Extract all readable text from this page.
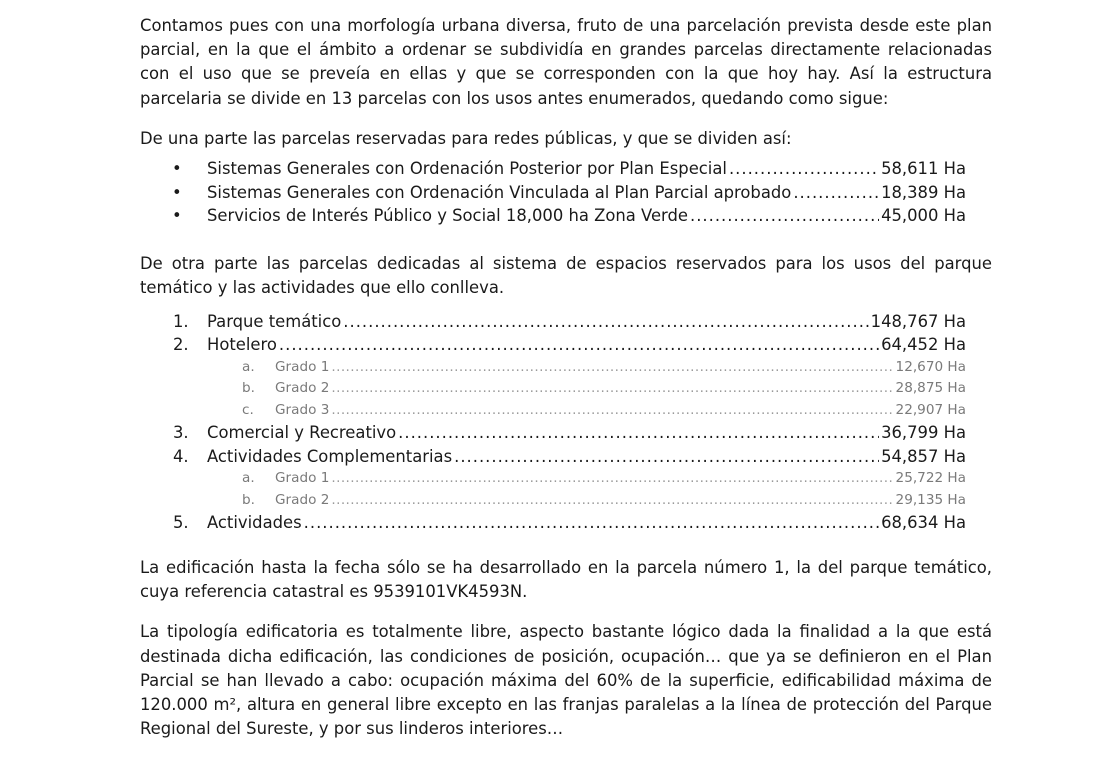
Contamos pues con una morfología urbana diversa, fruto de una parcelación prevista desde este plan parcial, en la que el ámbito a ordenar se subdividía en grandes parcelas directamente relacionadas con el uso que se preveía en ellas y que se corresponden con la que hoy hay. Así la estructura parcelaria se divide en 13 parcelas con los usos antes enumerados, quedando como sigue:

De una parte las parcelas reservadas para redes públicas, y que se dividen así:

•	Sistemas Generales con Ordenación Posterior por Plan Especial .....	58,611 Ha
•	Sistemas Generales con Ordenación Vinculada al Plan Parcial aprobado .....	18,389 Ha
•	Servicios de Interés Público y Social 18,000 ha Zona Verde .....	45,000 Ha

De otra parte las parcelas dedicadas al sistema de espacios reservados para los usos del parque temático y las actividades que ello conlleva.

1.	Parque temático .....	148,767 Ha
2.	Hotelero .....	64,452 Ha
a.	Grado 1 .....	12,670 Ha
b.	Grado 2 .....	28,875 Ha
c.	Grado 3 .....	22,907 Ha
3.	Comercial y Recreativo .....	36,799 Ha
4.	Actividades Complementarias .....	54,857 Ha
a.	Grado 1 .....	25,722 Ha
b.	Grado 2 .....	29,135 Ha
5.	Actividades .....	68,634 Ha

La edificación hasta la fecha sólo se ha desarrollado en la parcela número 1, la del parque temático, cuya referencia catastral es 9539101VK4593N.

La tipología edificatoria es totalmente libre, aspecto bastante lógico dada la finalidad a la que está destinada dicha edificación, las condiciones de posición, ocupación… que ya se definieron en el Plan Parcial se han llevado a cabo: ocupación máxima del 60% de la superficie, edificabilidad máxima de 120.000 m², altura en general libre excepto en las franjas paralelas a la línea de protección del Parque Regional del Sureste, y por sus linderos interiores…
